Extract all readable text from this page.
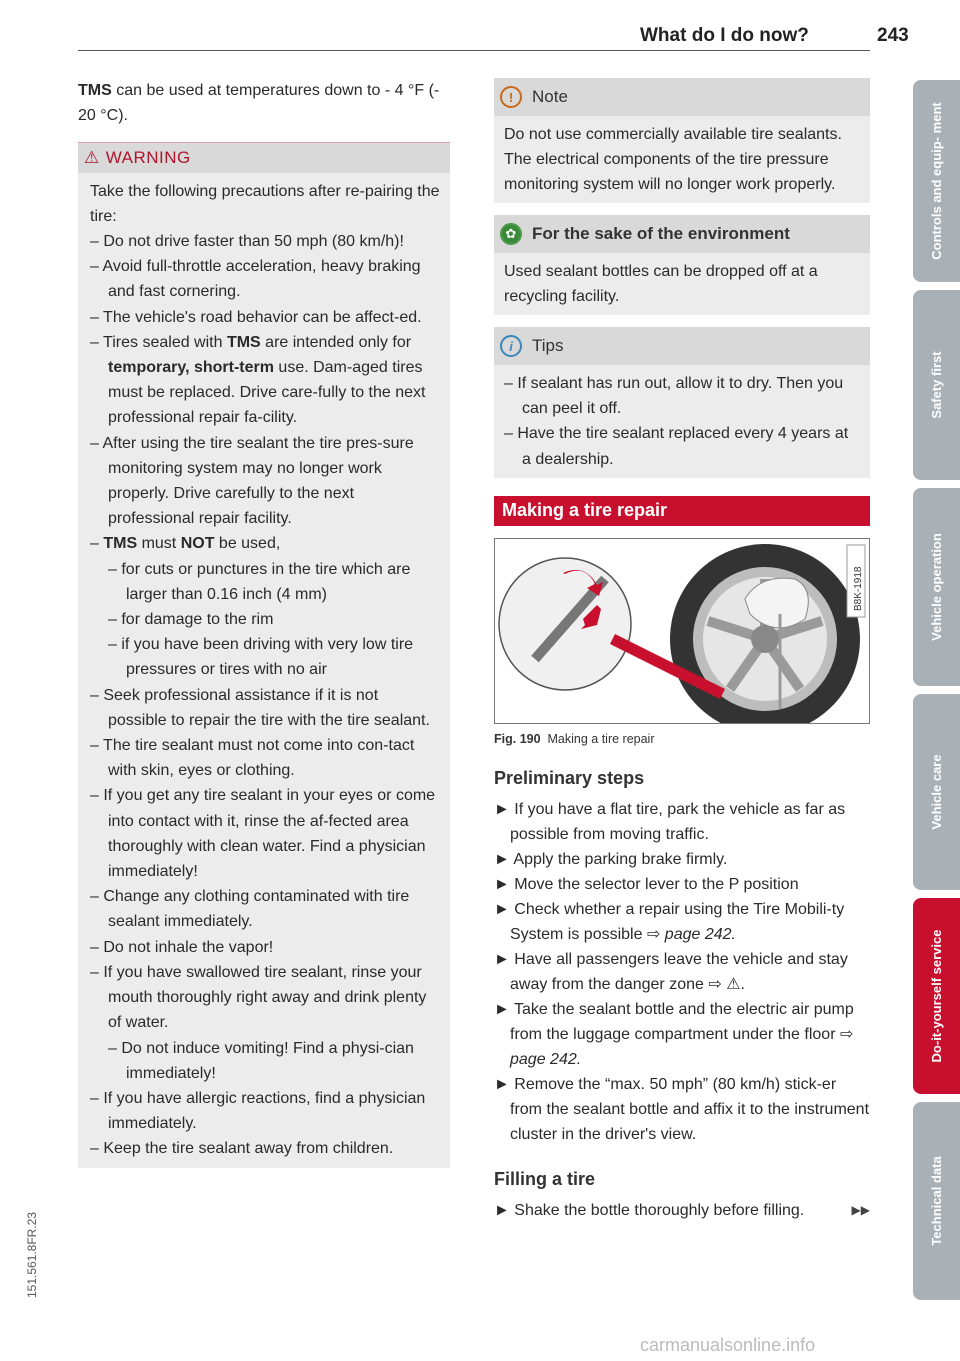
What do I do now?	243

TMS can be used at temperatures down to - 4 °F (- 20 °C).

⚠ WARNING
Take the following precautions after re-pairing the tire:
– Do not drive faster than 50 mph (80 km/h)!
– Avoid full-throttle acceleration, heavy braking and fast cornering.
– The vehicle's road behavior can be affect-ed.
– Tires sealed with TMS are intended only for temporary, short-term use. Dam-aged tires must be replaced. Drive care-fully to the next professional repair fa-cility.
– After using the tire sealant the tire pres-sure monitoring system may no longer work properly. Drive carefully to the next professional repair facility.
– TMS must NOT be used,
– for cuts or punctures in the tire which are larger than 0.16 inch (4 mm)
– for damage to the rim
– if you have been driving with very low tire pressures or tires with no air
– Seek professional assistance if it is not possible to repair the tire with the tire sealant.
– The tire sealant must not come into con-tact with skin, eyes or clothing.
– If you get any tire sealant in your eyes or come into contact with it, rinse the af-fected area thoroughly with clean water. Find a physician immediately!
– Change any clothing contaminated with tire sealant immediately.
– Do not inhale the vapor!
– If you have swallowed tire sealant, rinse your mouth thoroughly right away and drink plenty of water.
– Do not induce vomiting! Find a physi-cian immediately!
– If you have allergic reactions, find a physician immediately.
– Keep the tire sealant away from children.
!	Note
Do not use commercially available tire sealants. The electrical components of the tire pressure monitoring system will no longer work properly.
✿ For the sake of the environment
Used sealant bottles can be dropped off at a recycling facility.
i	Tips
– If sealant has run out, allow it to dry. Then you can peel it off.
– Have the tire sealant replaced every 4 years at a dealership.
Making a tire repair
B8K-1918
Fig. 190 Making a tire repair
Preliminary steps
► If you have a flat tire, park the vehicle as far as possible from moving traffic.
► Apply the parking brake firmly.
► Move the selector lever to the P position
► Check whether a repair using the Tire Mobili-ty System is possible ⇨ page 242.
► Have all passengers leave the vehicle and stay away from the danger zone ⇨ ⚠.
► Take the sealant bottle and the electric air pump from the luggage compartment under the floor ⇨ page 242.
► Remove the “max. 50 mph” (80 km/h) stick-er from the sealant bottle and affix it to the instrument cluster in the driver's view.
Filling a tire
► Shake the bottle thoroughly before filling.	▶▶
Controls and equip- ment
Safety first
Vehicle operation
Vehicle care
Do-it-yourself service
Technical data
151.561.8FR.23
carmanualsonline.info
